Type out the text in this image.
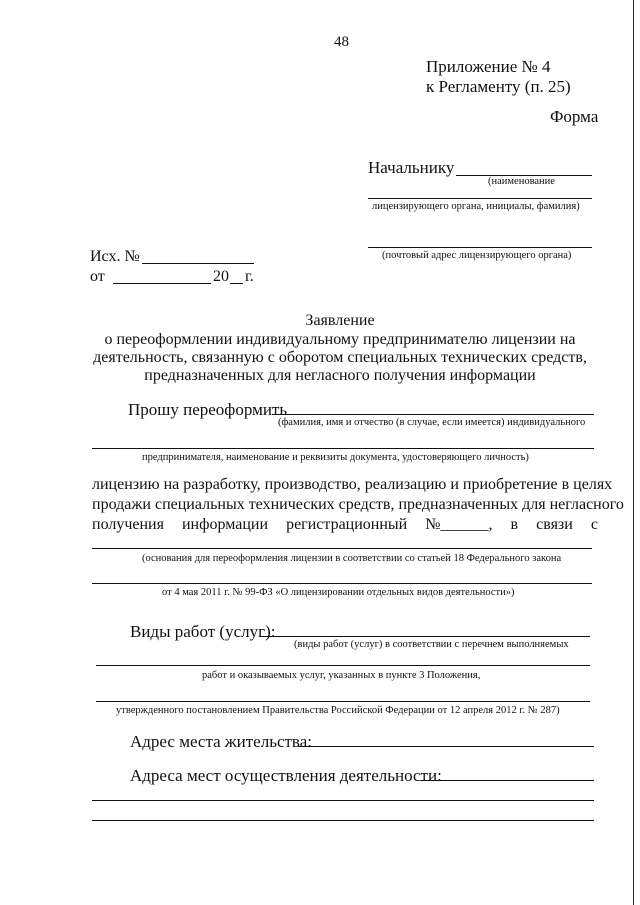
48
Приложение № 4
к Регламенту (п. 25)
Форма
Начальнику
(наименование
лицензирующего органа, инициалы, фамилия)
(почтовый адрес лицензирующего органа)
Исх. №
от	20 г.
Заявление
о переоформлении индивидуальному предпринимателю лицензии на
деятельность, связанную с оборотом специальных технических средств,
предназначенных для негласного получения информации
Прошу переоформить
(фамилия, имя и отчество (в случае, если имеется) индивидуального
предпринимателя, наименование и реквизиты документа, удостоверяющего личность)
лицензию на разработку, производство, реализацию и приобретение в целях
продажи специальных технических средств, предназначенных для негласного
получения информации регистрационный №______, в связи с
(основания для переоформления лицензии в соответствии со статьей 18 Федерального закона
от 4 мая 2011 г. № 99-ФЗ «О лицензировании отдельных видов деятельности»)
Виды работ (услуг):
(виды работ (услуг) в соответствии с перечнем выполняемых
работ и оказываемых услуг, указанных в пункте 3 Положения,
утвержденного постановлением Правительства Российской Федерации от 12 апреля 2012 г. № 287)
Адрес места жительства:
Адреса мест осуществления деятельности:
